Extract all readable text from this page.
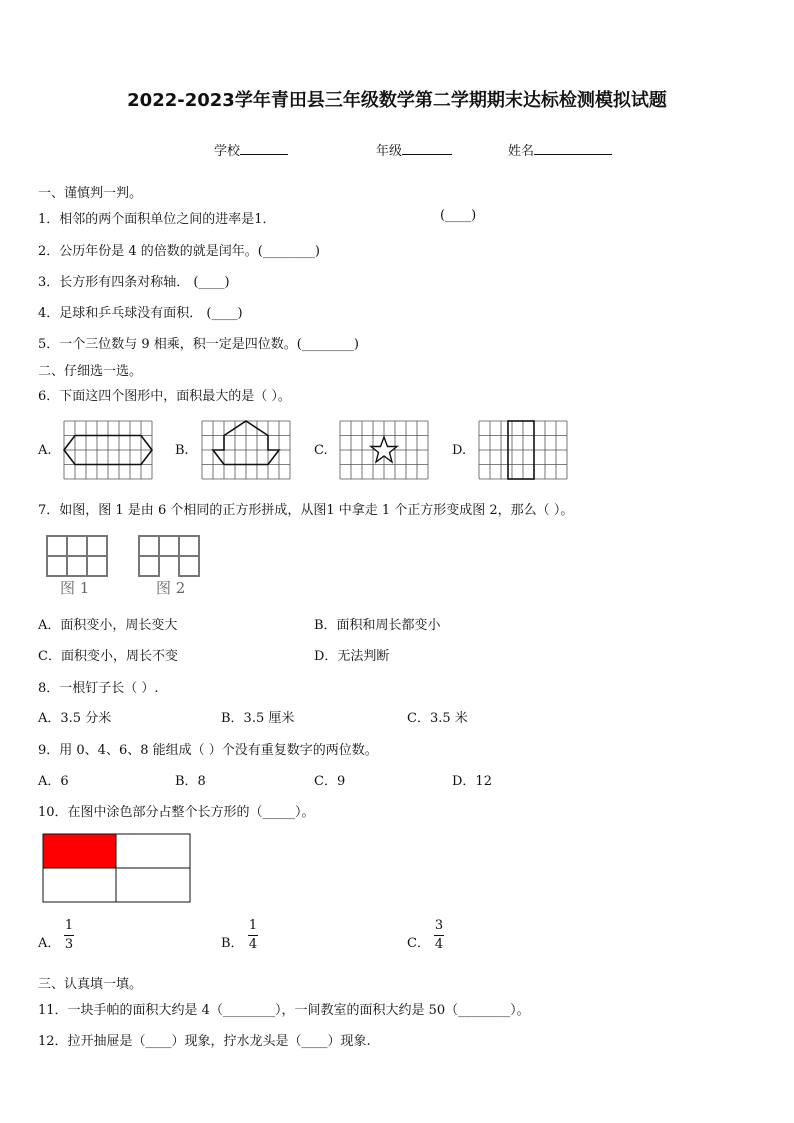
2022-2023学年青田县三年级数学第二学期期末达标检测模拟试题
学校	年级	姓名
一、谨慎判一判。
1．相邻的两个面积单位之间的进率是1．	(____)
2．公历年份是 4 的倍数的就是闰年。(________)
3．长方形有四条对称轴． (____)
4．足球和乒乓球没有面积． (____)
5．一个三位数与 9 相乘，积一定是四位数。(________)
二、仔细选一选。
6．下面这四个图形中，面积最大的是（ ）。
A.	B.	C.	D.
7．如图，图 1 是由 6 个相同的正方形拼成，从图1 中拿走 1 个正方形变成图 2，那么（ ）。
图 1	图 2
A．面积变小，周长变大	B．面积和周长都变小
C．面积变小，周长不变	D．无法判断
8．一根钉子长（ ）.
A．3.5 分米	B．3.5 厘米	C．3.5 米
9．用 0、4、6、8 能组成（ ）个没有重复数字的两位数。
A．6	B．8	C．9	D．12
10．在图中涂色部分占整个长方形的（_____）。
A．
1
3	B．
1
4	C．
3
4
三、认真填一填。
11．一块手帕的面积大约是 4（________），一间教室的面积大约是 50（________）。
12．拉开抽屉是（____）现象，拧水龙头是（____）现象.
